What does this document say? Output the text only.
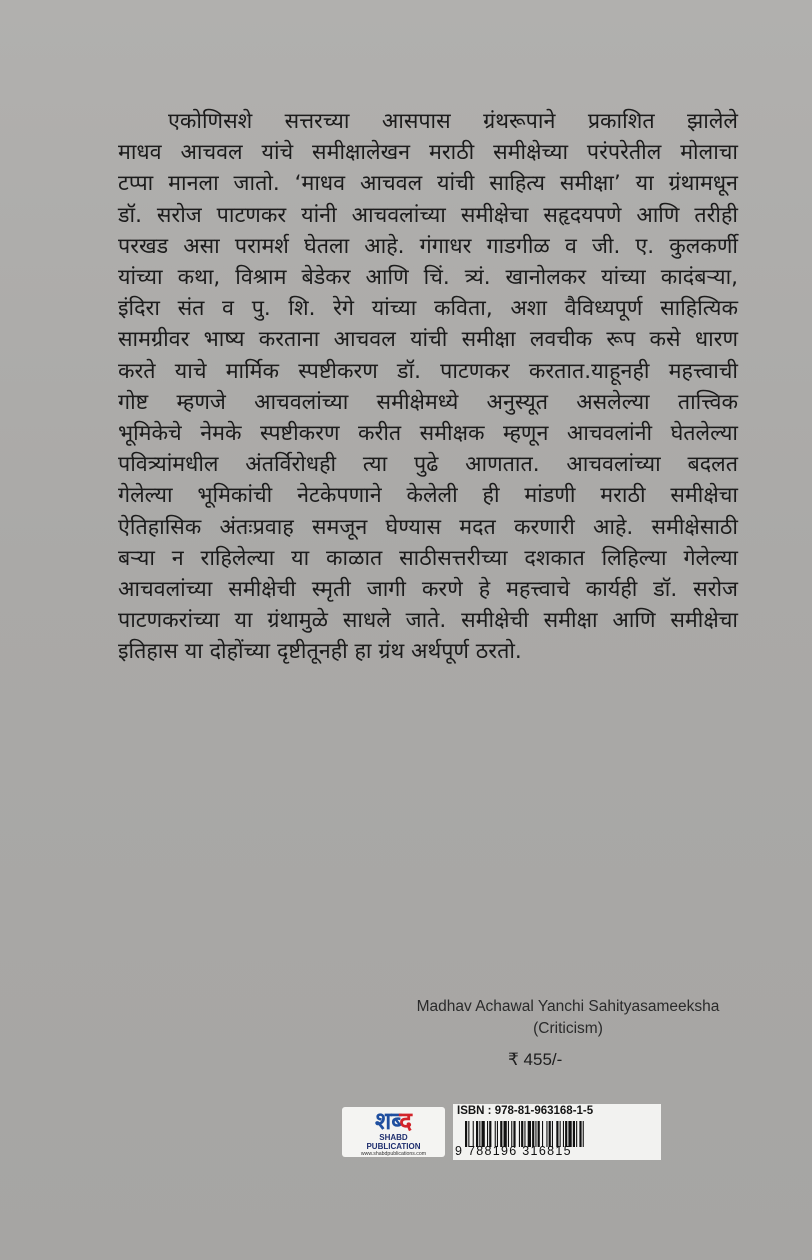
एकोणिसशे सत्तरच्या आसपास ग्रंथरूपाने प्रकाशित झालेले
माधव आचवल यांचे समीक्षालेखन मराठी समीक्षेच्या परंपरेतील मोलाचा
टप्पा मानला जातो. ‘माधव आचवल यांची साहित्य समीक्षा’ या ग्रंथामधून
डॉ. सरोज पाटणकर यांनी आचवलांच्या समीक्षेचा सहृदयपणे आणि तरीही
परखड असा परामर्श घेतला आहे. गंगाधर गाडगीळ व जी. ए. कुलकर्णी
यांच्या कथा, विश्राम बेडेकर आणि चिं. त्र्यं. खानोलकर यांच्या कादंबऱ्या,
इंदिरा संत व पु. शि. रेगे यांच्या कविता, अशा वैविध्यपूर्ण साहित्यिक
सामग्रीवर भाष्य करताना आचवल यांची समीक्षा लवचीक रूप कसे धारण
करते याचे मार्मिक स्पष्टीकरण डॉ. पाटणकर करतात.याहूनही महत्त्वाची
गोष्ट म्हणजे आचवलांच्या समीक्षेमध्ये अनुस्यूत असलेल्या तात्त्विक
भूमिकेचे नेमके स्पष्टीकरण करीत समीक्षक म्हणून आचवलांनी घेतलेल्या
पवित्र्यांमधील अंतर्विरोधही त्या पुढे आणतात. आचवलांच्या बदलत
गेलेल्या भूमिकांची नेटकेपणाने केलेली ही मांडणी मराठी समीक्षेचा
ऐतिहासिक अंतःप्रवाह समजून घेण्यास मदत करणारी आहे. समीक्षेसाठी
बऱ्या न राहिलेल्या या काळात साठीसत्तरीच्या दशकात लिहिल्या गेलेल्या
आचवलांच्या समीक्षेची स्मृती जागी करणे हे महत्त्वाचे कार्यही डॉ. सरोज
पाटणकरांच्या या ग्रंथामुळे साधले जाते. समीक्षेची समीक्षा आणि समीक्षेचा
इतिहास या दोहोंच्या दृष्टीतूनही हा ग्रंथ अर्थपूर्ण ठरतो.
Madhav Achawal Yanchi Sahityasameeksha
(Criticism)
₹ 455/-
शब्द
SHABD
PUBLICATION
www.shabdpublications.com
ISBN : 978-81-963168-1-5
9 788196 316815
